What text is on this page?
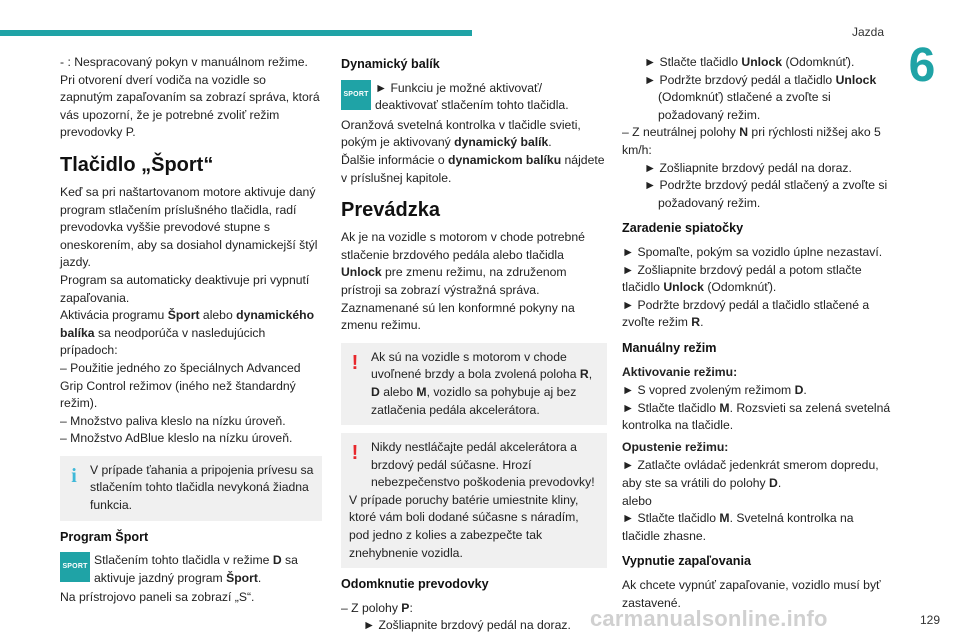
Jazda
6
- : Nespracovaný pokyn v manuálnom režime. Pri otvorení dverí vodiča na vozidle so zapnutým zapaľovaním sa zobrazí správa, ktorá vás upozorní, že je potrebné zvoliť režim prevodovky P.
Tlačidlo „Šport“
Keď sa pri naštartovanom motore aktivuje daný program stlačením príslušného tlačidla, radí prevodovka vyššie prevodové stupne s oneskorením, aby sa dosiahol dynamickejší štýl jazdy.
Program sa automaticky deaktivuje pri vypnutí zapaľovania.
Aktivácia programu Šport alebo dynamického balíka sa neodporúča v nasledujúcich prípadoch:
– Použitie jedného zo špeciálnych Advanced Grip Control režimov (iného než štandardný režim).
– Množstvo paliva kleslo na nízku úroveň.
– Množstvo AdBlue kleslo na nízku úroveň.
i	V prípade ťahania a pripojenia prívesu sa stlačením tohto tlačidla nevykoná žiadna funkcia.
Program Šport
SPORT Stlačením tohto tlačidla v režime D sa aktivuje jazdný program Šport.
Na prístrojovo paneli sa zobrazí „S“.
Dynamický balík
SPORT ► Funkciu je možné aktivovať/ deaktivovať stlačením tohto tlačidla.
Oranžová svetelná kontrolka v tlačidle svieti, pokým je aktivovaný dynamický balík.
Ďalšie informácie o dynamickom balíku nájdete v príslušnej kapitole.
Prevádzka
Ak je na vozidle s motorom v chode potrebné stlačenie brzdového pedála alebo tlačidla Unlock pre zmenu režimu, na združenom prístroji sa zobrazí výstražná správa.
Zaznamenané sú len konformné pokyny na zmenu režimu.
!	Ak sú na vozidle s motorom v chode uvoľnené brzdy a bola zvolená poloha R, D alebo M, vozidlo sa pohybuje aj bez zatlačenia pedála akcelerátora.
!	Nikdy nestláčajte pedál akcelerátora a brzdový pedál súčasne. Hrozí nebezpečenstvo poškodenia prevodovky!
V prípade poruchy batérie umiestnite kliny, ktoré vám boli dodané súčasne s náradím, pod jedno z kolies a zabezpečte tak znehybnenie vozidla.
Odomknutie prevodovky
– Z polohy P:
► Zošliapnite brzdový pedál na doraz.
► Stlačte tlačidlo Unlock (Odomknúť).
► Podržte brzdový pedál a tlačidlo Unlock (Odomknúť) stlačené a zvoľte si požadovaný režim.
– Z neutrálnej polohy N pri rýchlosti nižšej ako 5 km/h:
► Zošliapnite brzdový pedál na doraz.
► Podržte brzdový pedál stlačený a zvoľte si požadovaný režim.
Zaradenie spiatočky
► Spomaľte, pokým sa vozidlo úplne nezastaví.
► Zošliapnite brzdový pedál a potom stlačte tlačidlo Unlock (Odomknúť).
► Podržte brzdový pedál a tlačidlo stlačené a zvoľte režim R.
Manuálny režim
Aktivovanie režimu:
► S vopred zvoleným režimom D.
► Stlačte tlačidlo M. Rozsvieti sa zelená svetelná kontrolka na tlačidle.
Opustenie režimu:
► Zatlačte ovládač jedenkrát smerom dopredu, aby ste sa vrátili do polohy D.
alebo
► Stlačte tlačidlo M. Svetelná kontrolka na tlačidle zhasne.
Vypnutie zapaľovania
Ak chcete vypnúť zapaľovanie, vozidlo musí byť zastavené.
carmanualsonline.info	129
